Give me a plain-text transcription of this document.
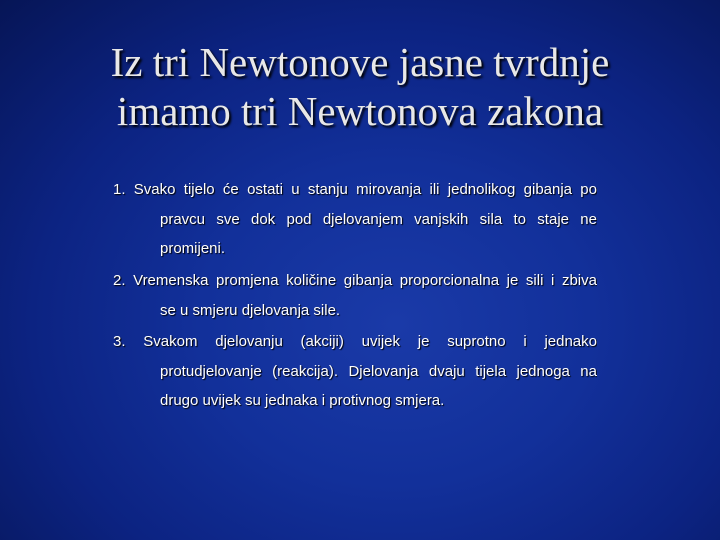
Iz tri Newtonove jasne tvrdnje
imamo tri Newtonova zakona
1. Svako tijelo će ostati u stanju mirovanja ili jednolikog gibanja po
pravcu sve dok pod djelovanjem vanjskih sila to staje ne
promijeni.
2. Vremenska promjena količine gibanja proporcionalna je sili i zbiva
se u smjeru djelovanja sile.
3. Svakom djelovanju (akciji) uvijek je suprotno i jednako
protudjelovanje (reakcija). Djelovanja dvaju tijela jednoga na
drugo uvijek su jednaka i protivnog smjera.
